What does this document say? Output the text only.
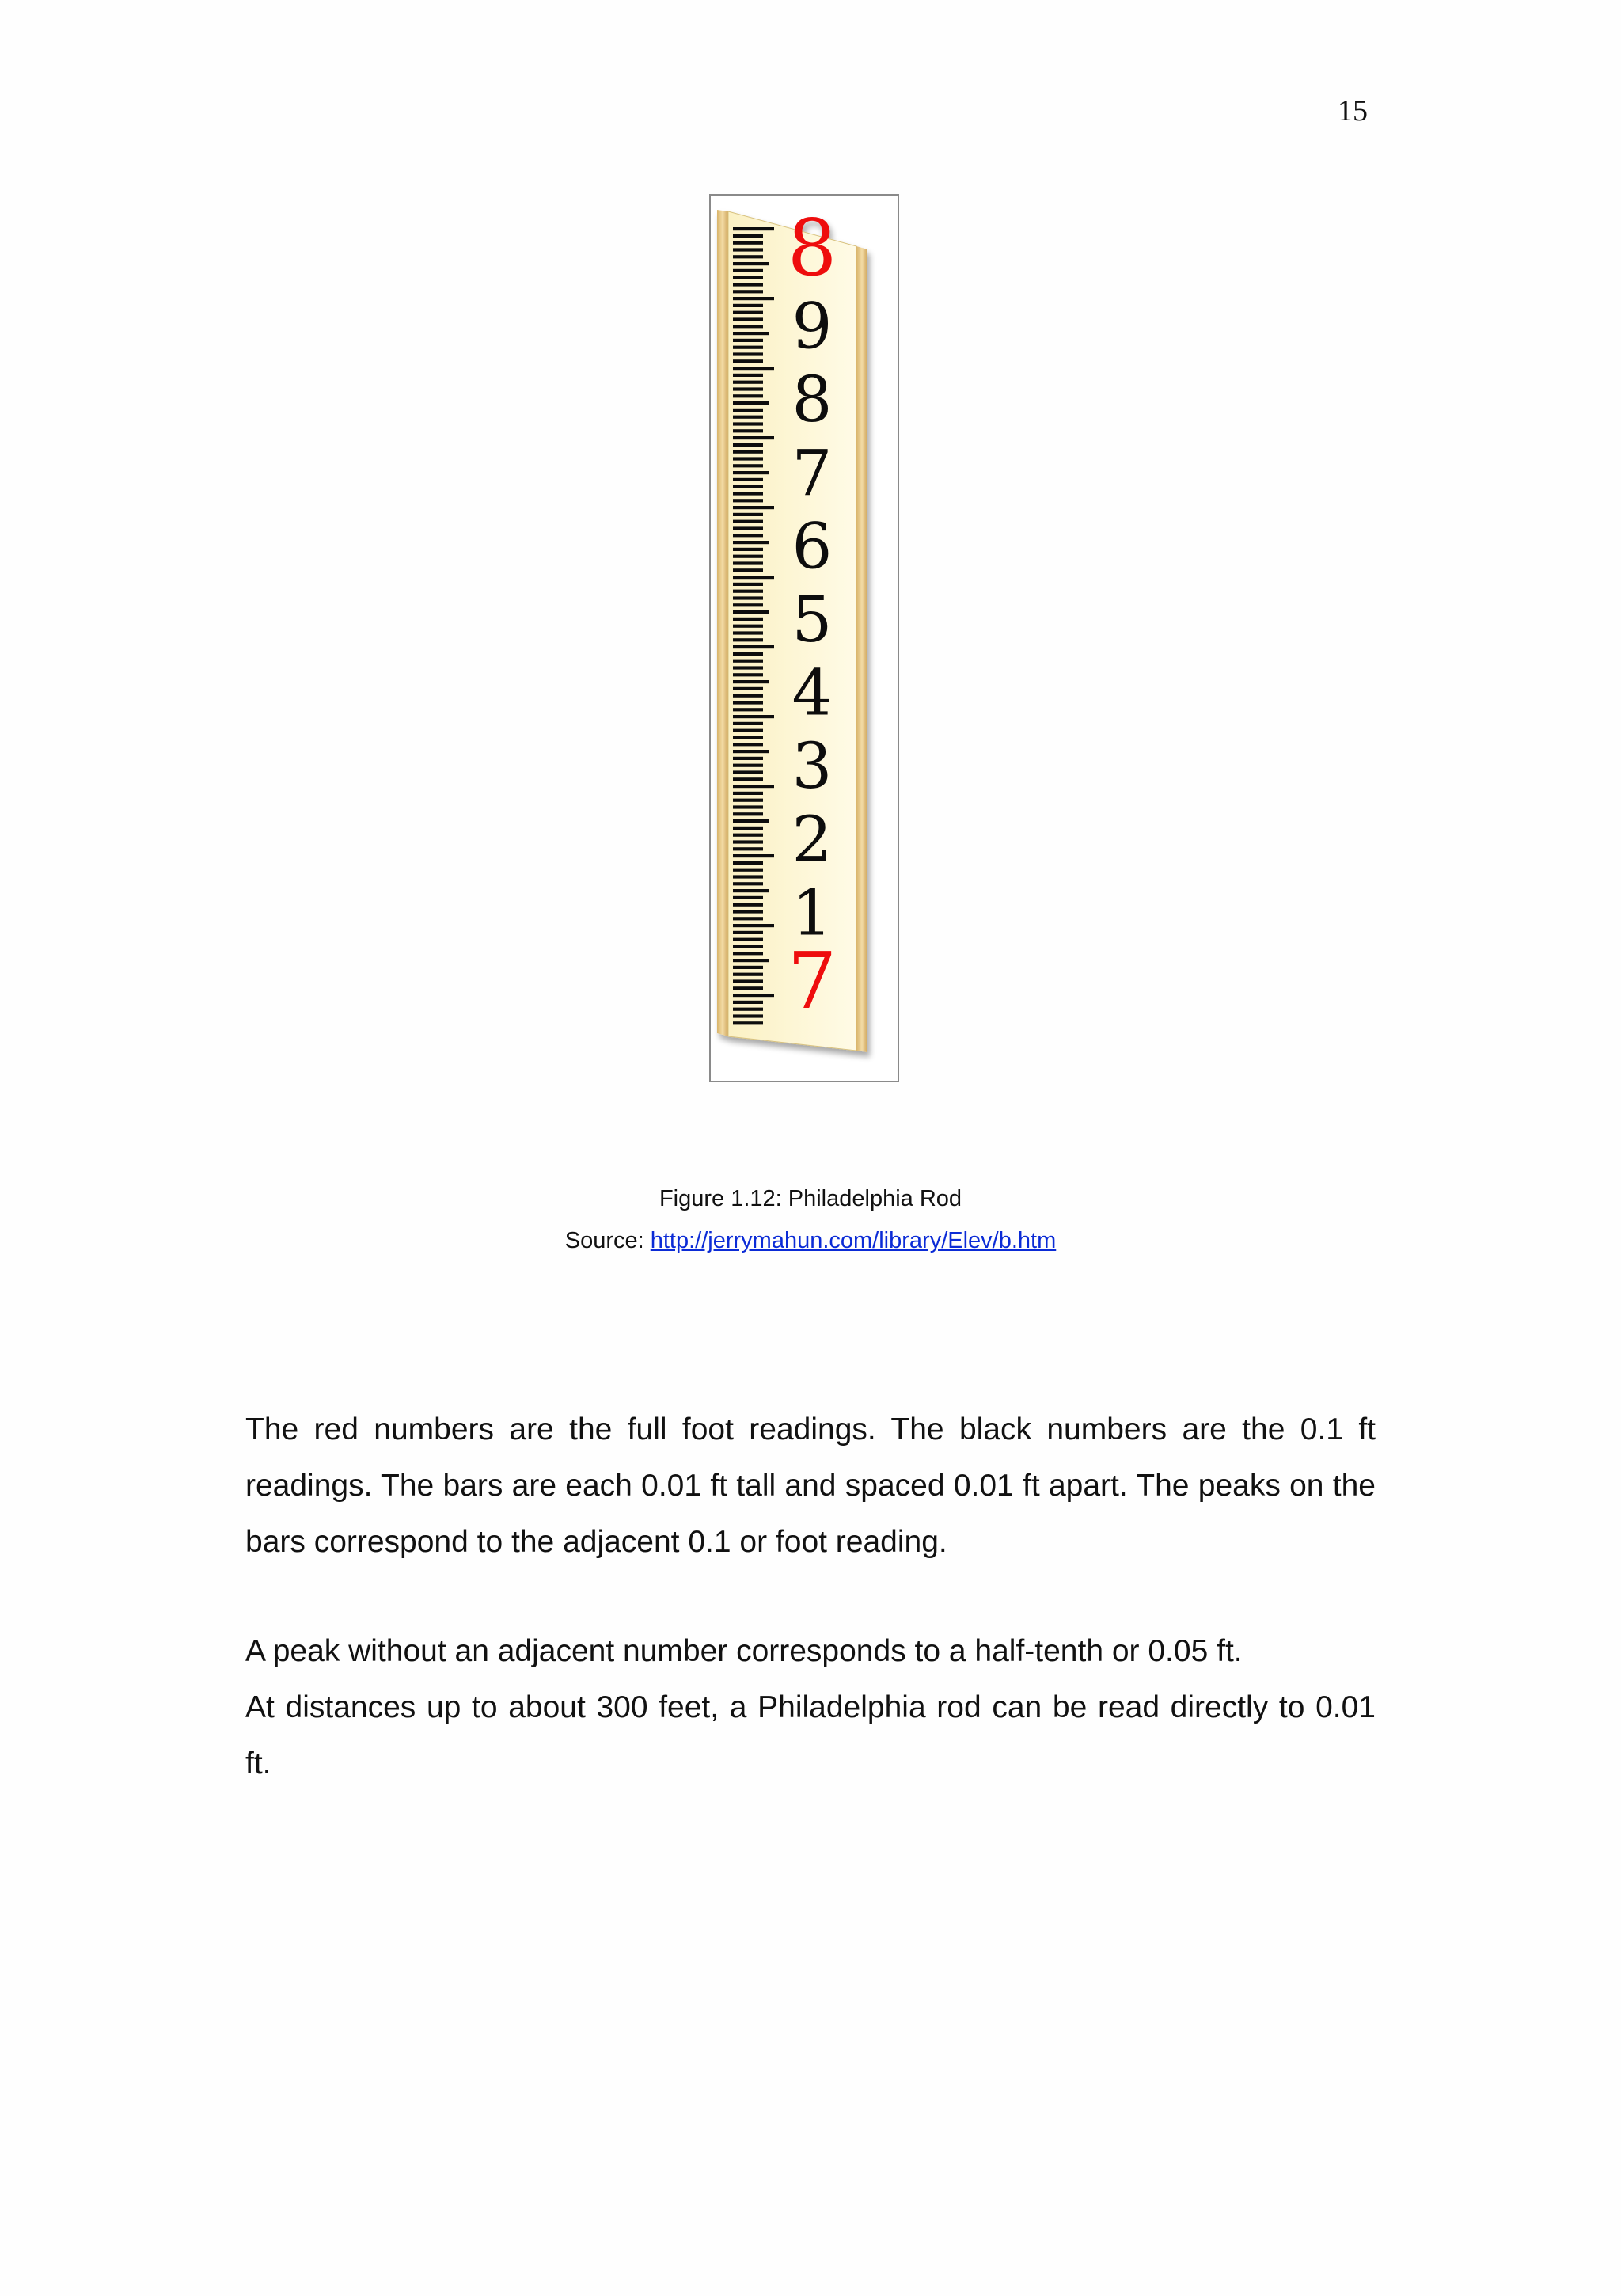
15
8
9
8
7
6
5
4
3
2
1
7
Figure 1.12: Philadelphia Rod
Source: http://jerrymahun.com/library/Elev/b.htm

The red numbers are the full foot readings. The black numbers are the 0.1 ft readings. The bars are each 0.01 ft tall and spaced 0.01 ft apart. The peaks on the bars correspond to the adjacent 0.1 or foot reading.

A peak without an adjacent number corresponds to a half-tenth or 0.05 ft.

At distances up to about 300 feet, a Philadelphia rod can be read directly to 0.01 ft.
